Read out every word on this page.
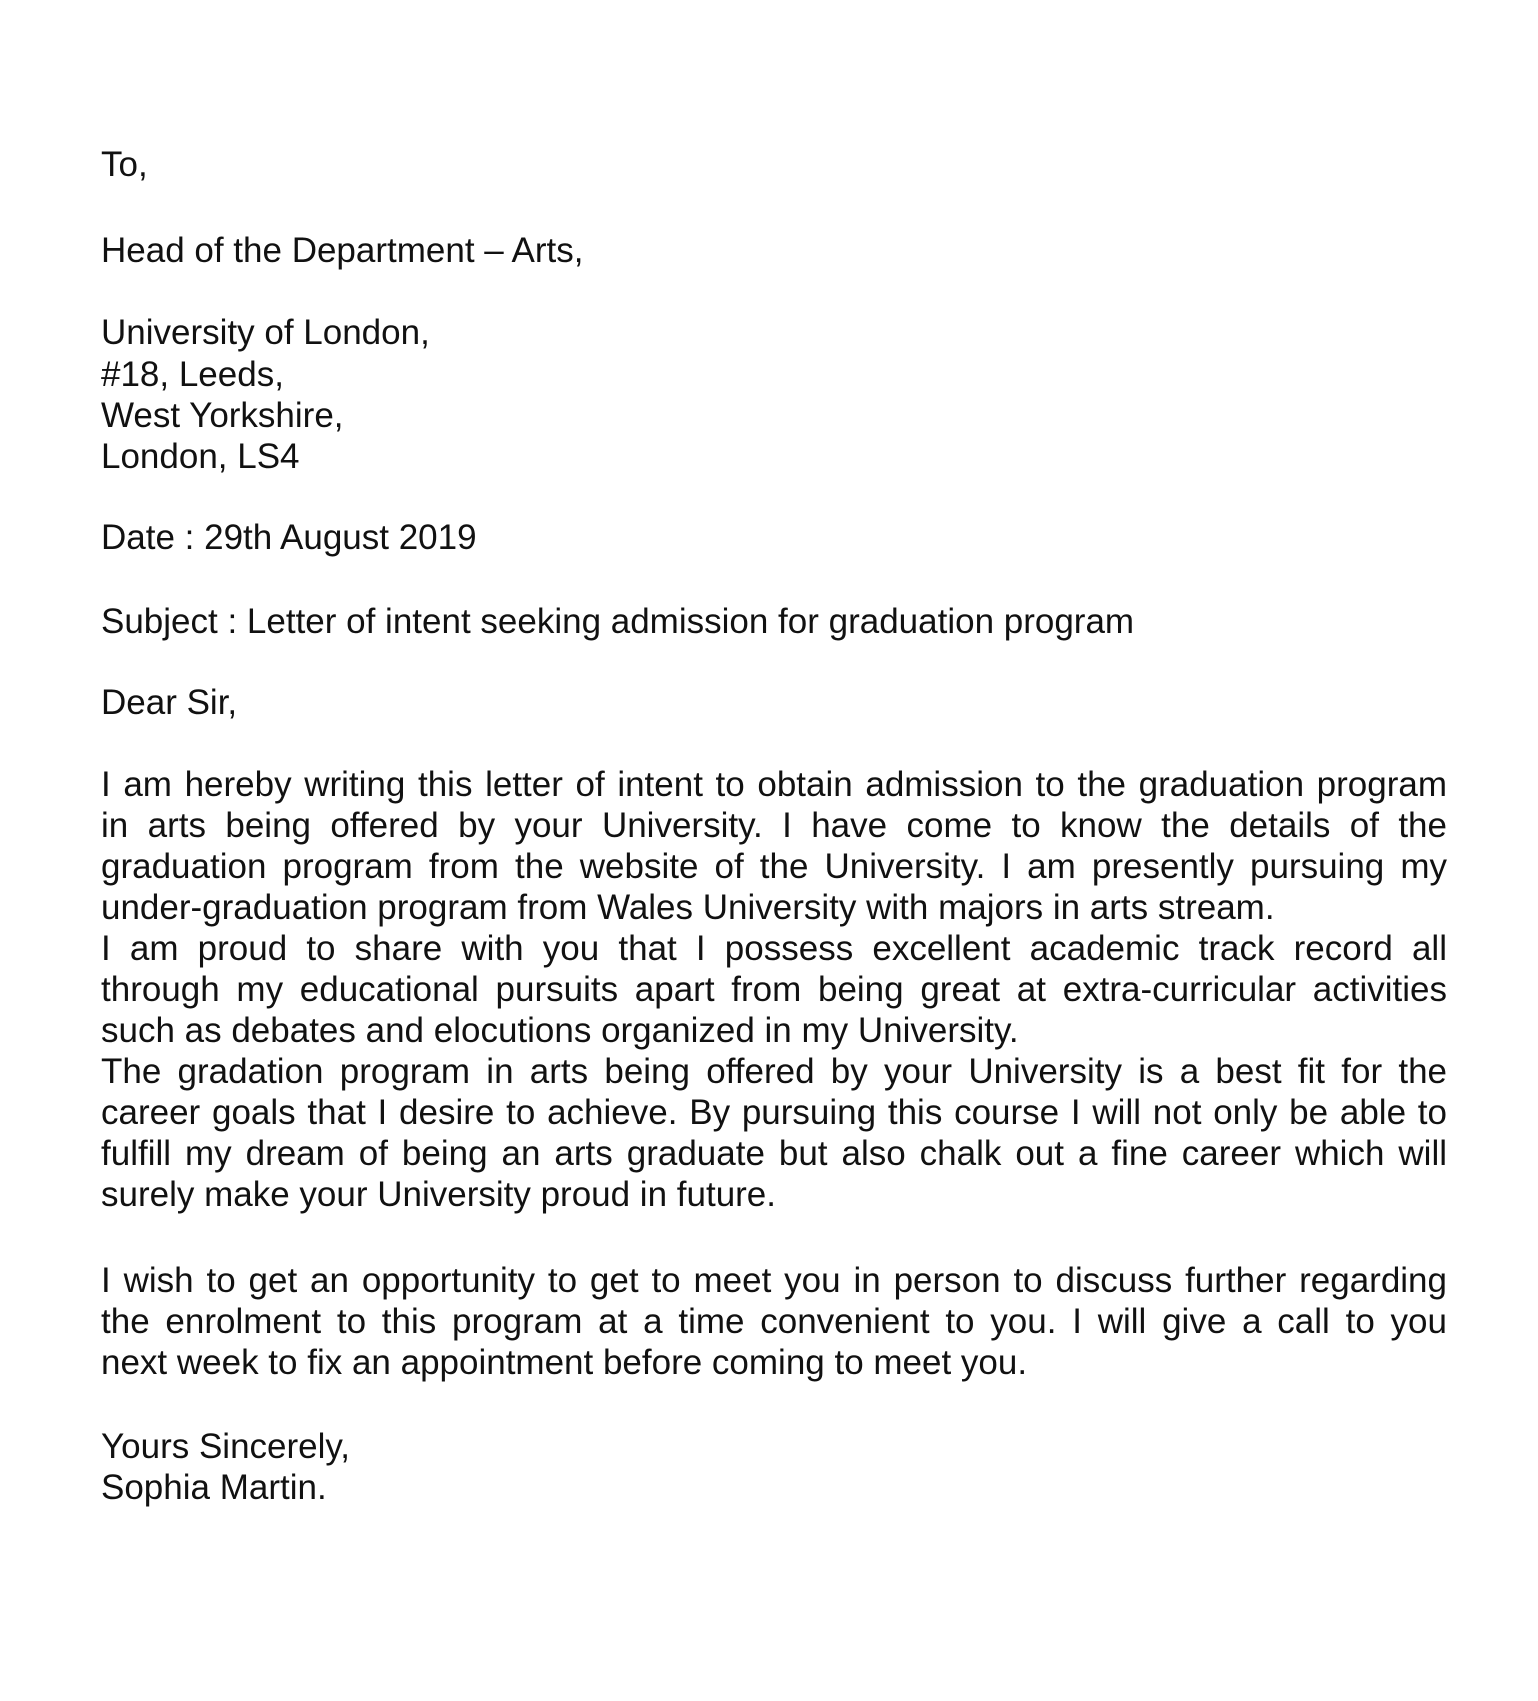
To,

Head of the Department – Arts,

University of London,

#18, Leeds,

West Yorkshire,

London, LS4

Date : 29th August 2019

Subject : Letter of intent seeking admission for graduation program

Dear Sir,

I am hereby writing this letter of intent to obtain admission to the graduation program
in arts being offered by your University. I have come to know the details of the
graduation program from the website of the University. I am presently pursuing my
under-graduation program from Wales University with majors in arts stream.
I am proud to share with you that I possess excellent academic track record all
through my educational pursuits apart from being great at extra-curricular activities
such as debates and elocutions organized in my University.
The gradation program in arts being offered by your University is a best fit for the
career goals that I desire to achieve. By pursuing this course I will not only be able to
fulfill my dream of being an arts graduate but also chalk out a fine career which will
surely make your University proud in future.
I wish to get an opportunity to get to meet you in person to discuss further regarding
the enrolment to this program at a time convenient to you. I will give a call to you
next week to fix an appointment before coming to meet you.

Yours Sincerely,

Sophia Martin.
